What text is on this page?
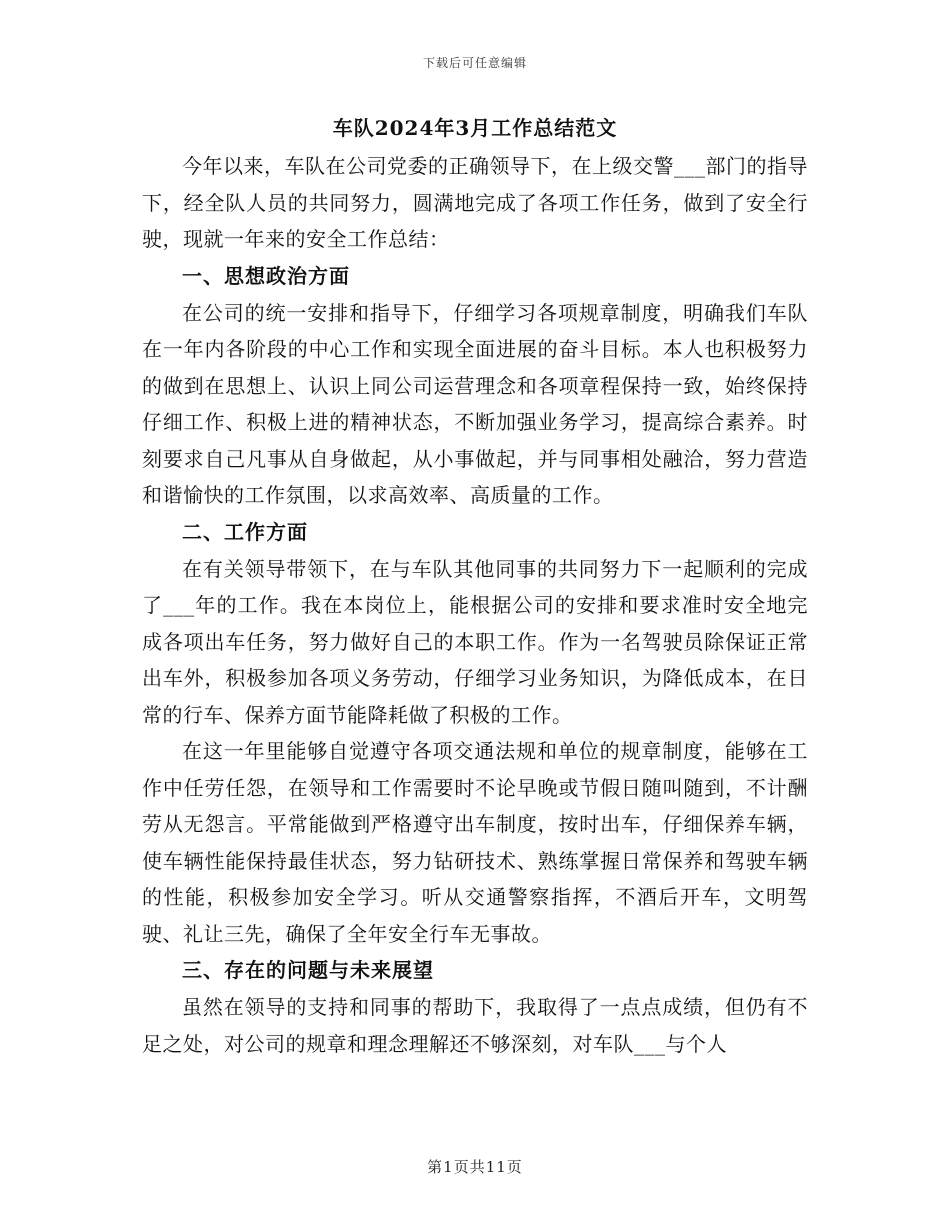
下载后可任意编辑
车队2024年3月工作总结范文

今年以来，车队在公司党委的正确领导下，在上级交警___部门的指导下，经全队人员的共同努力，圆满地完成了各项工作任务，做到了安全行驶，现就一年来的安全工作总结：

一、思想政治方面

在公司的统一安排和指导下，仔细学习各项规章制度，明确我们车队在一年内各阶段的中心工作和实现全面进展的奋斗目标。本人也积极努力的做到在思想上、认识上同公司运营理念和各项章程保持一致，始终保持仔细工作、积极上进的精神状态，不断加强业务学习，提高综合素养。时刻要求自己凡事从自身做起，从小事做起，并与同事相处融洽，努力营造和谐愉快的工作氛围，以求高效率、高质量的工作。

二、工作方面

在有关领导带领下，在与车队其他同事的共同努力下一起顺利的完成了___年的工作。我在本岗位上，能根据公司的安排和要求准时安全地完成各项出车任务，努力做好自己的本职工作。作为一名驾驶员除保证正常出车外，积极参加各项义务劳动，仔细学习业务知识，为降低成本，在日常的行车、保养方面节能降耗做了积极的工作。

在这一年里能够自觉遵守各项交通法规和单位的规章制度，能够在工作中任劳任怨，在领导和工作需要时不论早晚或节假日随叫随到，不计酬劳从无怨言。平常能做到严格遵守出车制度，按时出车，仔细保养车辆，使车辆性能保持最佳状态，努力钻研技术、熟练掌握日常保养和驾驶车辆的性能，积极参加安全学习。听从交通警察指挥，不酒后开车，文明驾驶、礼让三先，确保了全年安全行车无事故。

三、存在的问题与未来展望

虽然在领导的支持和同事的帮助下，我取得了一点点成绩，但仍有不足之处，对公司的规章和理念理解还不够深刻，对车队___与个人

第1页共11页
